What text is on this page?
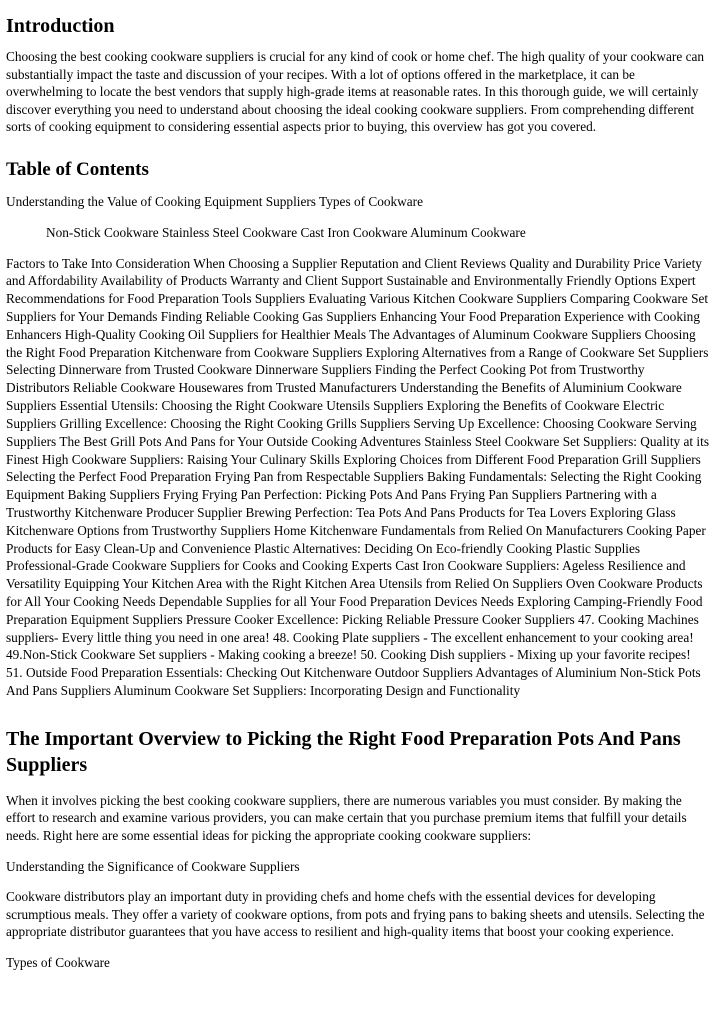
Introduction

Choosing the best cooking cookware suppliers is crucial for any kind of cook or home chef. The high quality of your cookware can substantially impact the taste and discussion of your recipes. With a lot of options offered in the marketplace, it can be overwhelming to locate the best vendors that supply high-grade items at reasonable rates. In this thorough guide, we will certainly discover everything you need to understand about choosing the ideal cooking cookware suppliers. From comprehending different sorts of cooking equipment to considering essential aspects prior to buying, this overview has got you covered.

Table of Contents

Understanding the Value of Cooking Equipment Suppliers Types of Cookware

Non-Stick Cookware Stainless Steel Cookware Cast Iron Cookware Aluminum Cookware

Factors to Take Into Consideration When Choosing a Supplier Reputation and Client Reviews Quality and Durability Price Variety and Affordability Availability of Products Warranty and Client Support Sustainable and Environmentally Friendly Options Expert Recommendations for Food Preparation Tools Suppliers Evaluating Various Kitchen Cookware Suppliers Comparing Cookware Set Suppliers for Your Demands Finding Reliable Cooking Gas Suppliers Enhancing Your Food Preparation Experience with Cooking Enhancers High-Quality Cooking Oil Suppliers for Healthier Meals The Advantages of Aluminum Cookware Suppliers Choosing the Right Food Preparation Kitchenware from Cookware Suppliers Exploring Alternatives from a Range of Cookware Set Suppliers Selecting Dinnerware from Trusted Cookware Dinnerware Suppliers Finding the Perfect Cooking Pot from Trustworthy Distributors Reliable Cookware Housewares from Trusted Manufacturers Understanding the Benefits of Aluminium Cookware Suppliers Essential Utensils: Choosing the Right Cookware Utensils Suppliers Exploring the Benefits of Cookware Electric Suppliers Grilling Excellence: Choosing the Right Cooking Grills Suppliers Serving Up Excellence: Choosing Cookware Serving Suppliers The Best Grill Pots And Pans for Your Outside Cooking Adventures Stainless Steel Cookware Set Suppliers: Quality at its Finest High Cookware Suppliers: Raising Your Culinary Skills Exploring Choices from Different Food Preparation Grill Suppliers Selecting the Perfect Food Preparation Frying Pan from Respectable Suppliers Baking Fundamentals: Selecting the Right Cooking Equipment Baking Suppliers Frying Frying Pan Perfection: Picking Pots And Pans Frying Pan Suppliers Partnering with a Trustworthy Kitchenware Producer Supplier Brewing Perfection: Tea Pots And Pans Products for Tea Lovers Exploring Glass Kitchenware Options from Trustworthy Suppliers Home Kitchenware Fundamentals from Relied On Manufacturers Cooking Paper Products for Easy Clean-Up and Convenience Plastic Alternatives: Deciding On Eco-friendly Cooking Plastic Supplies Professional-Grade Cookware Suppliers for Cooks and Cooking Experts Cast Iron Cookware Suppliers: Ageless Resilience and Versatility Equipping Your Kitchen Area with the Right Kitchen Area Utensils from Relied On Suppliers Oven Cookware Products for All Your Cooking Needs Dependable Supplies for all Your Food Preparation Devices Needs Exploring Camping-Friendly Food Preparation Equipment Suppliers Pressure Cooker Excellence: Picking Reliable Pressure Cooker Suppliers 47. Cooking Machines suppliers- Every little thing you need in one area! 48. Cooking Plate suppliers - The excellent enhancement to your cooking area! 49.Non-Stick Cookware Set suppliers - Making cooking a breeze! 50. Cooking Dish suppliers - Mixing up your favorite recipes! 51. Outside Food Preparation Essentials: Checking Out Kitchenware Outdoor Suppliers Advantages of Aluminium Non-Stick Pots And Pans Suppliers Aluminum Cookware Set Suppliers: Incorporating Design and Functionality

The Important Overview to Picking the Right Food Preparation Pots And Pans Suppliers

When it involves picking the best cooking cookware suppliers, there are numerous variables you must consider. By making the effort to research and examine various providers, you can make certain that you purchase premium items that fulfill your details needs. Right here are some essential ideas for picking the appropriate cooking cookware suppliers:

Understanding the Significance of Cookware Suppliers

Cookware distributors play an important duty in providing chefs and home chefs with the essential devices for developing scrumptious meals. They offer a variety of cookware options, from pots and frying pans to baking sheets and utensils. Selecting the appropriate distributor guarantees that you have access to resilient and high-quality items that boost your cooking experience.

Types of Cookware
